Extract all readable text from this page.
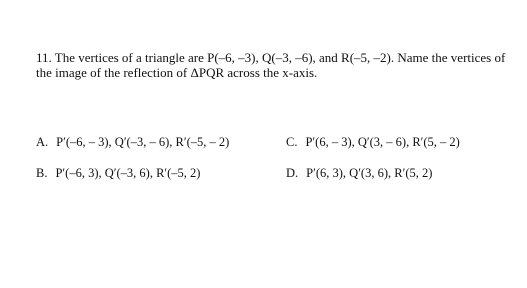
11. The vertices of a triangle are P(–6, –3), Q(–3, –6), and R(–5, –2). Name the vertices of
the image of the reflection of ΔPQR across the x-axis.
A. P′(–6, – 3), Q′(–3, – 6), R′(–5, – 2)	C. P′(6, – 3), Q′(3, – 6), R′(5, – 2)
B. P′(–6, 3), Q′(–3, 6), R′(–5, 2)	D. P′(6, 3), Q′(3, 6), R′(5, 2)
